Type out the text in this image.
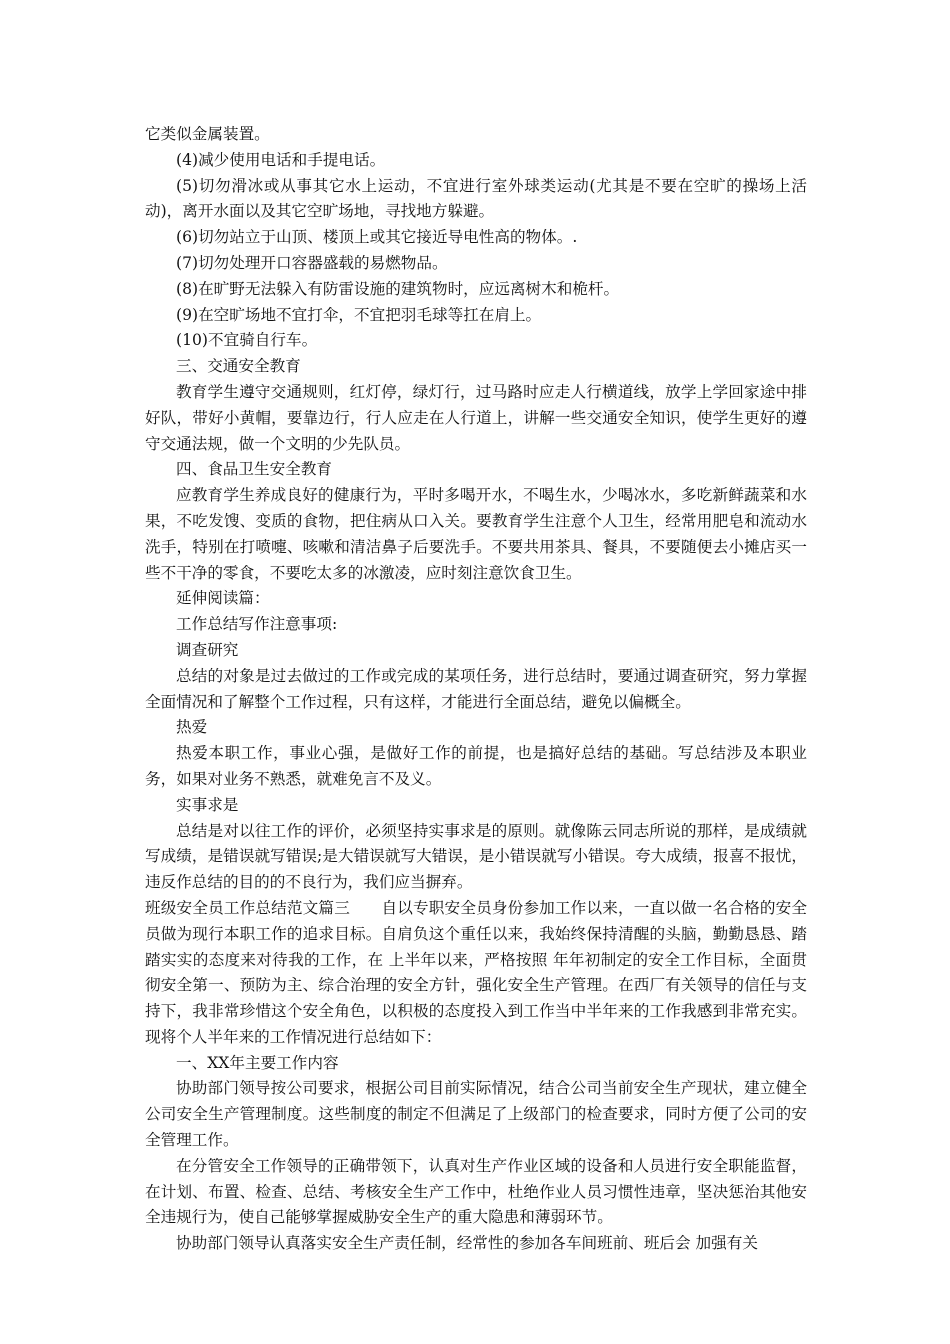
它类似金属装置。

(4)减少使用电话和手提电话。

(5)切勿滑冰或从事其它水上运动，不宜进行室外球类运动(尤其是不要在空旷的操场上活动)，离开水面以及其它空旷场地，寻找地方躲避。

(6)切勿站立于山顶、楼顶上或其它接近导电性高的物体。.

(7)切勿处理开口容器盛载的易燃物品。

(8)在旷野无法躲入有防雷设施的建筑物时，应远离树木和桅杆。

(9)在空旷场地不宜打伞，不宜把羽毛球等扛在肩上。

(10)不宜骑自行车。

三、交通安全教育

教育学生遵守交通规则，红灯停，绿灯行，过马路时应走人行横道线，放学上学回家途中排好队，带好小黄帽，要靠边行，行人应走在人行道上，讲解一些交通安全知识，使学生更好的遵守交通法规，做一个文明的少先队员。

四、食品卫生安全教育

应教育学生养成良好的健康行为，平时多喝开水，不喝生水，少喝冰水，多吃新鲜蔬菜和水果，不吃发馊、变质的食物，把住病从口入关。要教育学生注意个人卫生，经常用肥皂和流动水洗手，特别在打喷嚏、咳嗽和清洁鼻子后要洗手。不要共用茶具、餐具，不要随便去小摊店买一些不干净的零食，不要吃太多的冰激凌，应时刻注意饮食卫生。

延伸阅读篇：

工作总结写作注意事项:

调查研究

总结的对象是过去做过的工作或完成的某项任务，进行总结时，要通过调查研究，努力掌握全面情况和了解整个工作过程，只有这样，才能进行全面总结，避免以偏概全。

热爱

热爱本职工作，事业心强，是做好工作的前提，也是搞好总结的基础。写总结涉及本职业务，如果对业务不熟悉，就难免言不及义。

实事求是

总结是对以往工作的评价，必须坚持实事求是的原则。就像陈云同志所说的那样，是成绩就写成绩，是错误就写错误;是大错误就写大错误，是小错误就写小错误。夸大成绩，报喜不报忧，违反作总结的目的的不良行为，我们应当摒弃。

班级安全员工作总结范文篇三　　自以专职安全员身份参加工作以来，一直以做一名合格的安全员做为现行本职工作的追求目标。自肩负这个重任以来，我始终保持清醒的头脑，勤勤恳恳、踏踏实实的态度来对待我的工作，在 上半年以来，严格按照 年年初制定的安全工作目标，全面贯彻安全第一、预防为主、综合治理的安全方针，强化安全生产管理。在西厂有关领导的信任与支持下，我非常珍惜这个安全角色，以积极的态度投入到工作当中半年来的工作我感到非常充实。现将个人半年来的工作情况进行总结如下：

一、XX年主要工作内容

协助部门领导按公司要求，根据公司目前实际情况，结合公司当前安全生产现状，建立健全公司安全生产管理制度。这些制度的制定不但满足了上级部门的检查要求，同时方便了公司的安全管理工作。

在分管安全工作领导的正确带领下，认真对生产作业区域的设备和人员进行安全职能监督，在计划、布置、检查、总结、考核安全生产工作中，杜绝作业人员习惯性违章，坚决惩治其他安全违规行为，使自己能够掌握威胁安全生产的重大隐患和薄弱环节。

协助部门领导认真落实安全生产责任制，经常性的参加各车间班前、班后会 加强有关
